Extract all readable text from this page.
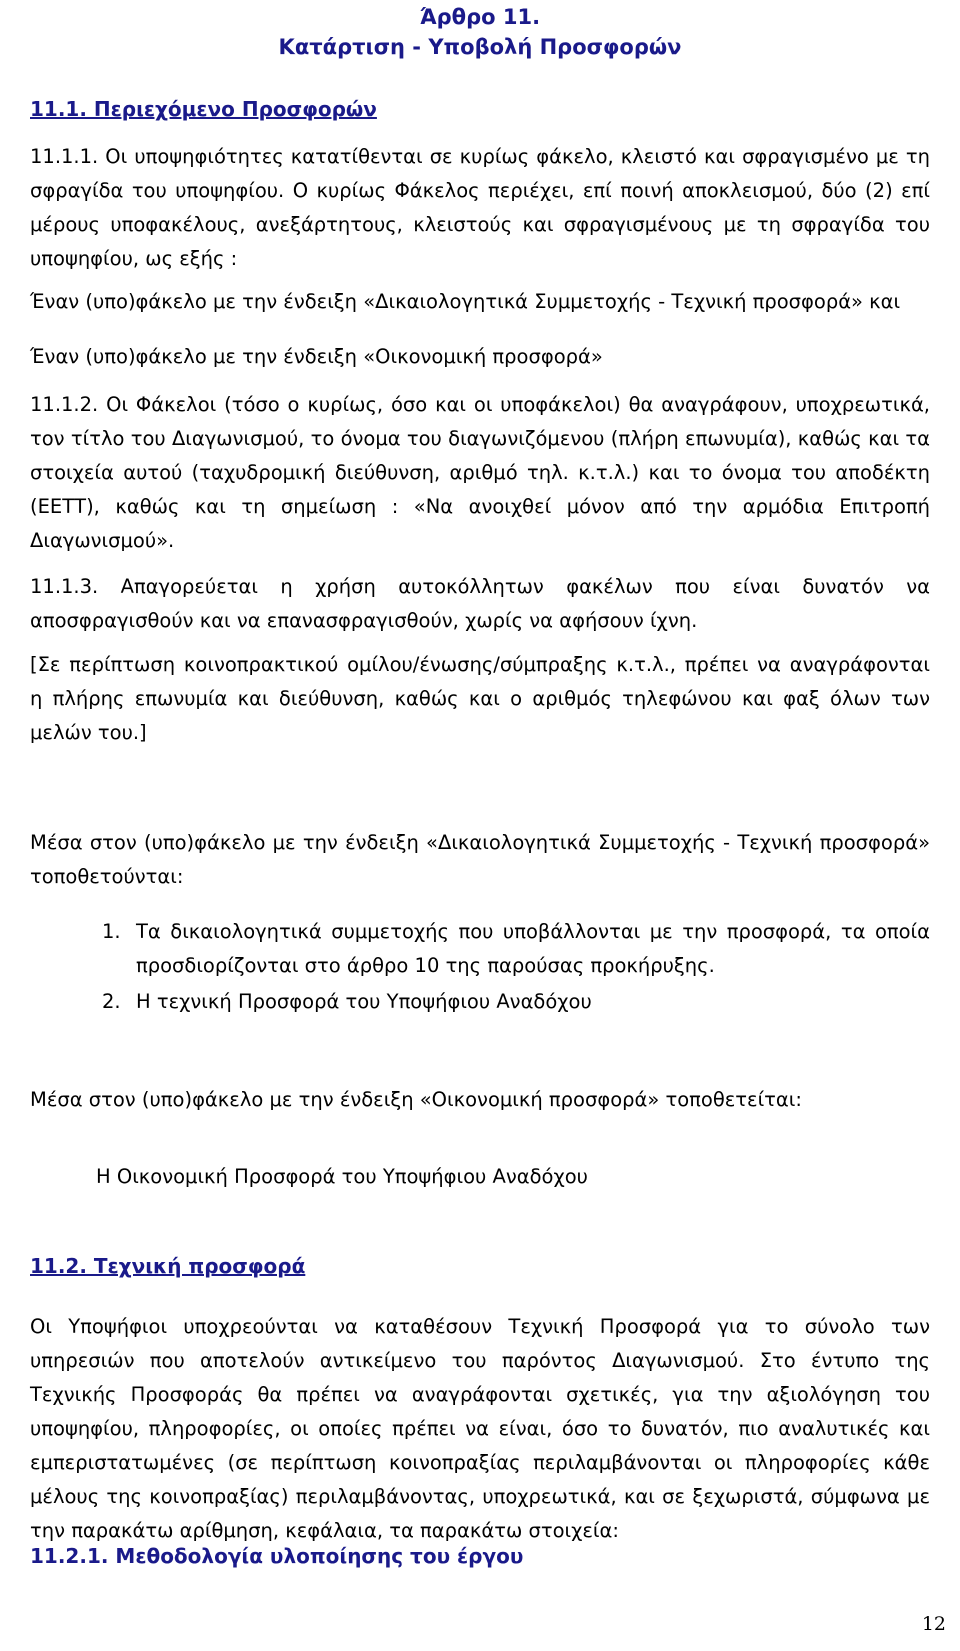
Άρθρο 11.
Κατάρτιση - Υποβολή Προσφορών
11.1. Περιεχόμενο Προσφορών

11.1.1. Οι υποψηφιότητες κατατίθενται σε κυρίως φάκελο, κλειστό και σφραγισμένο με τη σφραγίδα του υποψηφίου. Ο κυρίως Φάκελος περιέχει, επί ποινή αποκλεισμού, δύο (2) επί μέρους υποφακέλους, ανεξάρτητους, κλειστούς και σφραγισμένους με τη σφραγίδα του υποψηφίου, ως εξής :

Έναν (υπο)φάκελο με την ένδειξη «Δικαιολογητικά Συμμετοχής - Τεχνική προσφορά» και

Έναν (υπο)φάκελο με την ένδειξη «Οικονομική προσφορά»

11.1.2. Οι Φάκελοι (τόσο ο κυρίως, όσο και οι υποφάκελοι) θα αναγράφουν, υποχρεωτικά, τον τίτλο του Διαγωνισμού, το όνομα του διαγωνιζόμενου (πλήρη επωνυμία), καθώς και τα στοιχεία αυτού (ταχυδρομική διεύθυνση, αριθμό τηλ. κ.τ.λ.) και το όνομα του αποδέκτη (ΕΕΤΤ), καθώς και τη σημείωση : «Να ανοιχθεί μόνον από την αρμόδια Επιτροπή Διαγωνισμού».

11.1.3. Απαγορεύεται η χρήση αυτοκόλλητων φακέλων που είναι δυνατόν να αποσφραγισθούν και να επανασφραγισθούν, χωρίς να αφήσουν ίχνη.

[Σε περίπτωση κοινοπρακτικού ομίλου/ένωσης/σύμπραξης κ.τ.λ., πρέπει να αναγράφονται η πλήρης επωνυμία και διεύθυνση, καθώς και ο αριθμός τηλεφώνου και φαξ όλων των μελών του.]

Μέσα στον (υπο)φάκελο με την ένδειξη «Δικαιολογητικά Συμμετοχής - Τεχνική προσφορά» τοποθετούνται:

1. Τα δικαιολογητικά συμμετοχής που υποβάλλονται με την προσφορά, τα οποία προσδιορίζονται στο άρθρο 10 της παρούσας προκήρυξης.
2. Η τεχνική Προσφορά του Υποψήφιου Αναδόχου

Μέσα στον (υπο)φάκελο με την ένδειξη «Οικονομική προσφορά» τοποθετείται:

Η Οικονομική Προσφορά του Υποψήφιου Αναδόχου

11.2. Τεχνική προσφορά

Οι Υποψήφιοι υποχρεούνται να καταθέσουν Τεχνική Προσφορά για το σύνολο των υπηρεσιών που αποτελούν αντικείμενο του παρόντος Διαγωνισμού. Στο έντυπο της Τεχνικής Προσφοράς θα πρέπει να αναγράφονται σχετικές, για την αξιολόγηση του υποψηφίου, πληροφορίες, οι οποίες πρέπει να είναι, όσο το δυνατόν, πιο αναλυτικές και εμπεριστατωμένες (σε περίπτωση κοινοπραξίας περιλαμβάνονται οι πληροφορίες κάθε μέλους της κοινοπραξίας) περιλαμβάνοντας, υποχρεωτικά, και σε ξεχωριστά, σύμφωνα με την παρακάτω αρίθμηση, κεφάλαια, τα παρακάτω στοιχεία:

11.2.1. Μεθοδολογία υλοποίησης του έργου
12
